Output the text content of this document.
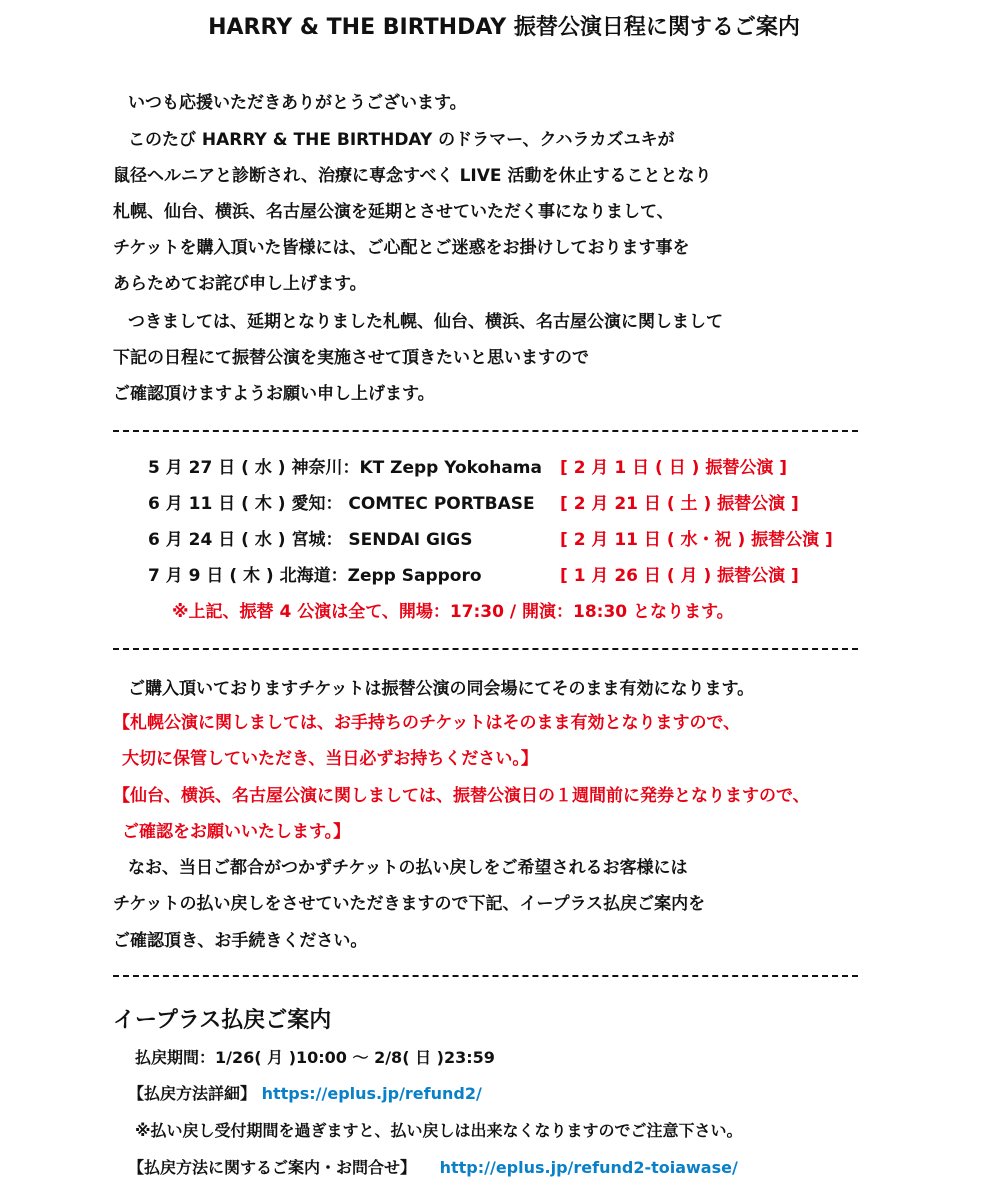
HARRY & THE BIRTHDAY 振替公演日程に関するご案内
いつも応援いただきありがとうございます。
このたび HARRY & THE BIRTHDAY のドラマー、クハラカズユキが
鼠径ヘルニアと診断され、治療に専念すべく LIVE 活動を休止することとなり
札幌、仙台、横浜、名古屋公演を延期とさせていただく事になりまして、
チケットを購入頂いた皆様には、ご心配とご迷惑をお掛けしております事を
あらためてお詫び申し上げます。
つきましては、延期となりました札幌、仙台、横浜、名古屋公演に関しまして
下記の日程にて振替公演を実施させて頂きたいと思いますので
ご確認頂けますようお願い申し上げます。
5 月 27 日 ( 水 ) 神奈川：KT Zepp Yokohama [ 2 月 1 日 ( 日 ) 振替公演 ]
6 月 11 日 ( 木 ) 愛知： COMTEC PORTBASE [ 2 月 21 日 ( 土 ) 振替公演 ]
6 月 24 日 ( 水 ) 宮城： SENDAI GIGS	[ 2 月 11 日 ( 水・祝 ) 振替公演 ]
7 月 9 日 ( 木 ) 北海道：Zepp Sapporo	[ 1 月 26 日 ( 月 ) 振替公演 ]
※上記、振替 4 公演は全て、開場：17:30 / 開演：18:30 となります。
ご購入頂いておりますチケットは振替公演の同会場にてそのまま有効になります。
【札幌公演に関しましては、お手持ちのチケットはそのまま有効となりますので、
大切に保管していただき、当日必ずお持ちください。】
【仙台、横浜、名古屋公演に関しましては、振替公演日の１週間前に発券となりますので、
ご確認をお願いいたします。】
なお、当日ご都合がつかずチケットの払い戻しをご希望されるお客様には
チケットの払い戻しをさせていただきますので下記、イープラス払戻ご案内を
ご確認頂き、お手続きください。
イープラス払戻ご案内
払戻期間：1/26( 月 )10:00 ～ 2/8( 日 )23:59
【払戻方法詳細】 https://eplus.jp/refund2/
※払い戻し受付期間を過ぎますと、払い戻しは出来なくなりますのでご注意下さい。
【払戻方法に関するご案内・お問合せ】 http://eplus.jp/refund2-toiawase/
